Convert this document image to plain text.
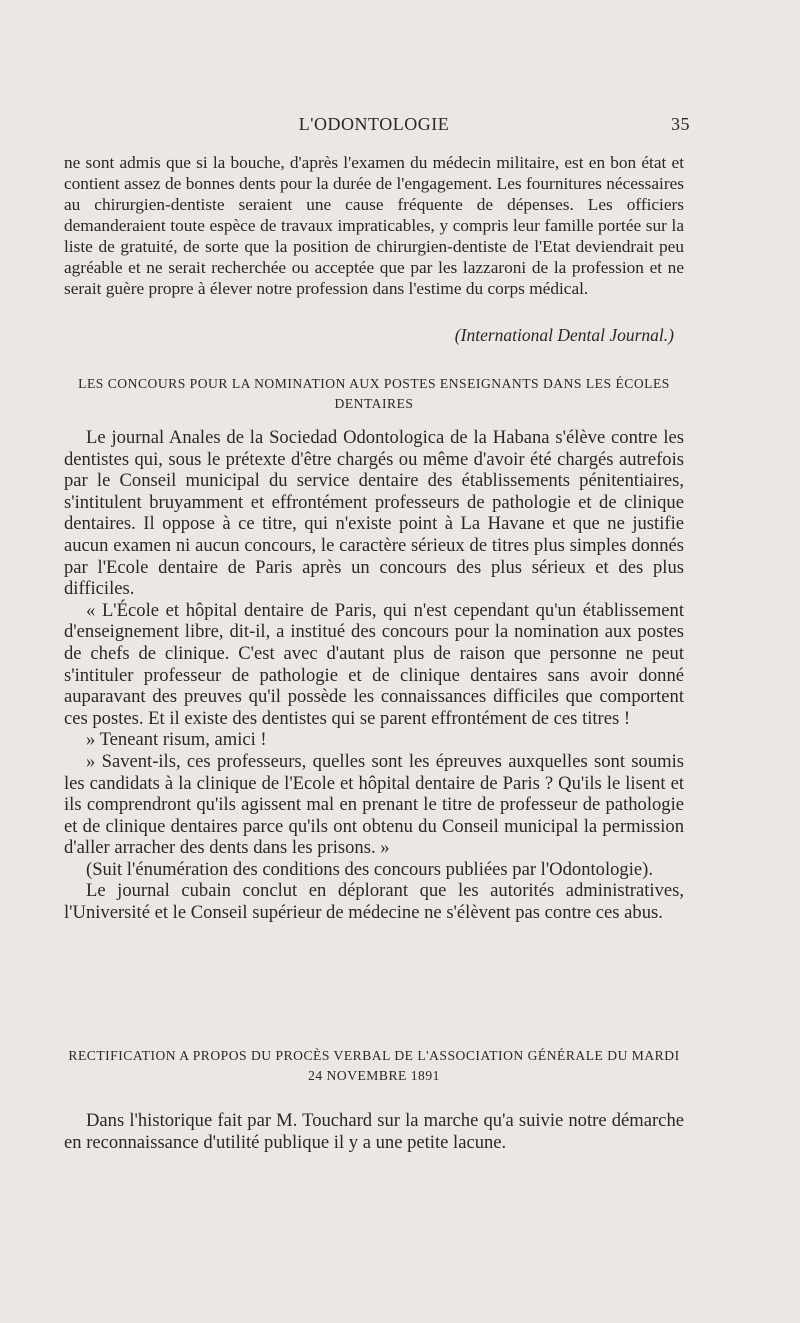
L'ODONTOLOGIE	35

ne sont admis que si la bouche, d'après l'examen du médecin militaire, est en bon état et contient assez de bonnes dents pour la durée de l'engagement. Les fournitures nécessaires au chirurgien-dentiste seraient une cause fréquente de dépenses. Les officiers demanderaient toute espèce de travaux impraticables, y compris leur famille portée sur la liste de gratuité, de sorte que la position de chirurgien-dentiste de l'Etat deviendrait peu agréable et ne serait recherchée ou acceptée que par les lazzaroni de la profession et ne serait guère propre à élever notre profession dans l'estime du corps médical.

(International Dental Journal.)
LES CONCOURS POUR LA NOMINATION AUX POSTES ENSEIGNANTS DANS LES ÉCOLES DENTAIRES

Le journal Anales de la Sociedad Odontologica de la Habana s'élève contre les dentistes qui, sous le prétexte d'être chargés ou même d'avoir été chargés autrefois par le Conseil municipal du service dentaire des établissements pénitentiaires, s'intitulent bruyamment et effrontément professeurs de pathologie et de clinique dentaires. Il oppose à ce titre, qui n'existe point à La Havane et que ne justifie aucun examen ni aucun concours, le caractère sérieux de titres plus simples donnés par l'Ecole dentaire de Paris après un concours des plus sérieux et des plus difficiles.

« L'École et hôpital dentaire de Paris, qui n'est cependant qu'un établissement d'enseignement libre, dit-il, a institué des concours pour la nomination aux postes de chefs de clinique. C'est avec d'autant plus de raison que personne ne peut s'intituler professeur de pathologie et de clinique dentaires sans avoir donné auparavant des preuves qu'il possède les connaissances difficiles que comportent ces postes. Et il existe des dentistes qui se parent effrontément de ces titres !

» Teneant risum, amici !

» Savent-ils, ces professeurs, quelles sont les épreuves auxquelles sont soumis les candidats à la clinique de l'Ecole et hôpital dentaire de Paris ? Qu'ils le lisent et ils comprendront qu'ils agissent mal en prenant le titre de professeur de pathologie et de clinique dentaires parce qu'ils ont obtenu du Conseil municipal la permission d'aller arracher des dents dans les prisons. »

(Suit l'énumération des conditions des concours publiées par l'Odontologie).

Le journal cubain conclut en déplorant que les autorités administratives, l'Université et le Conseil supérieur de médecine ne s'élèvent pas contre ces abus.

RECTIFICATION A PROPOS DU PROCÈS VERBAL DE L'ASSOCIATION GÉNÉRALE DU MARDI 24 NOVEMBRE 1891

Dans l'historique fait par M. Touchard sur la marche qu'a suivie notre démarche en reconnaissance d'utilité publique il y a une petite lacune.
